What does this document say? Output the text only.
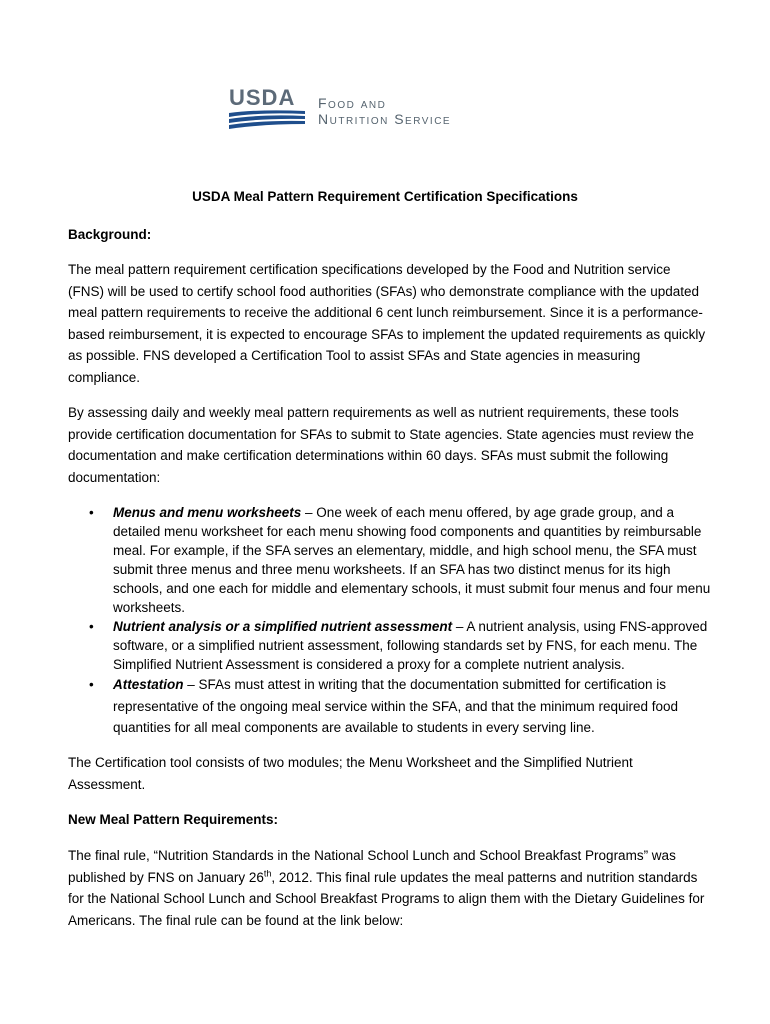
USDA Food and
Nutrition Service
USDA Meal Pattern Requirement Certification Specifications

Background:

The meal pattern requirement certification specifications developed by the Food and Nutrition service (FNS) will be used to certify school food authorities (SFAs) who demonstrate compliance with the updated meal pattern requirements to receive the additional 6 cent lunch reimbursement. Since it is a performance-based reimbursement, it is expected to encourage SFAs to implement the updated requirements as quickly as possible. FNS developed a Certification Tool to assist SFAs and State agencies in measuring compliance.

By assessing daily and weekly meal pattern requirements as well as nutrient requirements, these tools provide certification documentation for SFAs to submit to State agencies. State agencies must review the documentation and make certification determinations within 60 days. SFAs must submit the following documentation:

• Menus and menu worksheets – One week of each menu offered, by age grade group, and a detailed menu worksheet for each menu showing food components and quantities by reimbursable meal. For example, if the SFA serves an elementary, middle, and high school menu, the SFA must submit three menus and three menu worksheets. If an SFA has two distinct menus for its high schools, and one each for middle and elementary schools, it must submit four menus and four menu worksheets.
• Nutrient analysis or a simplified nutrient assessment – A nutrient analysis, using FNS-approved software, or a simplified nutrient assessment, following standards set by FNS, for each menu. The Simplified Nutrient Assessment is considered a proxy for a complete nutrient analysis.
• Attestation – SFAs must attest in writing that the documentation submitted for certification is representative of the ongoing meal service within the SFA, and that the minimum required food quantities for all meal components are available to students in every serving line.

The Certification tool consists of two modules; the Menu Worksheet and the Simplified Nutrient Assessment.

New Meal Pattern Requirements:

The final rule, “Nutrition Standards in the National School Lunch and School Breakfast Programs” was published by FNS on January 26th, 2012. This final rule updates the meal patterns and nutrition standards for the National School Lunch and School Breakfast Programs to align them with the Dietary Guidelines for Americans. The final rule can be found at the link below:
